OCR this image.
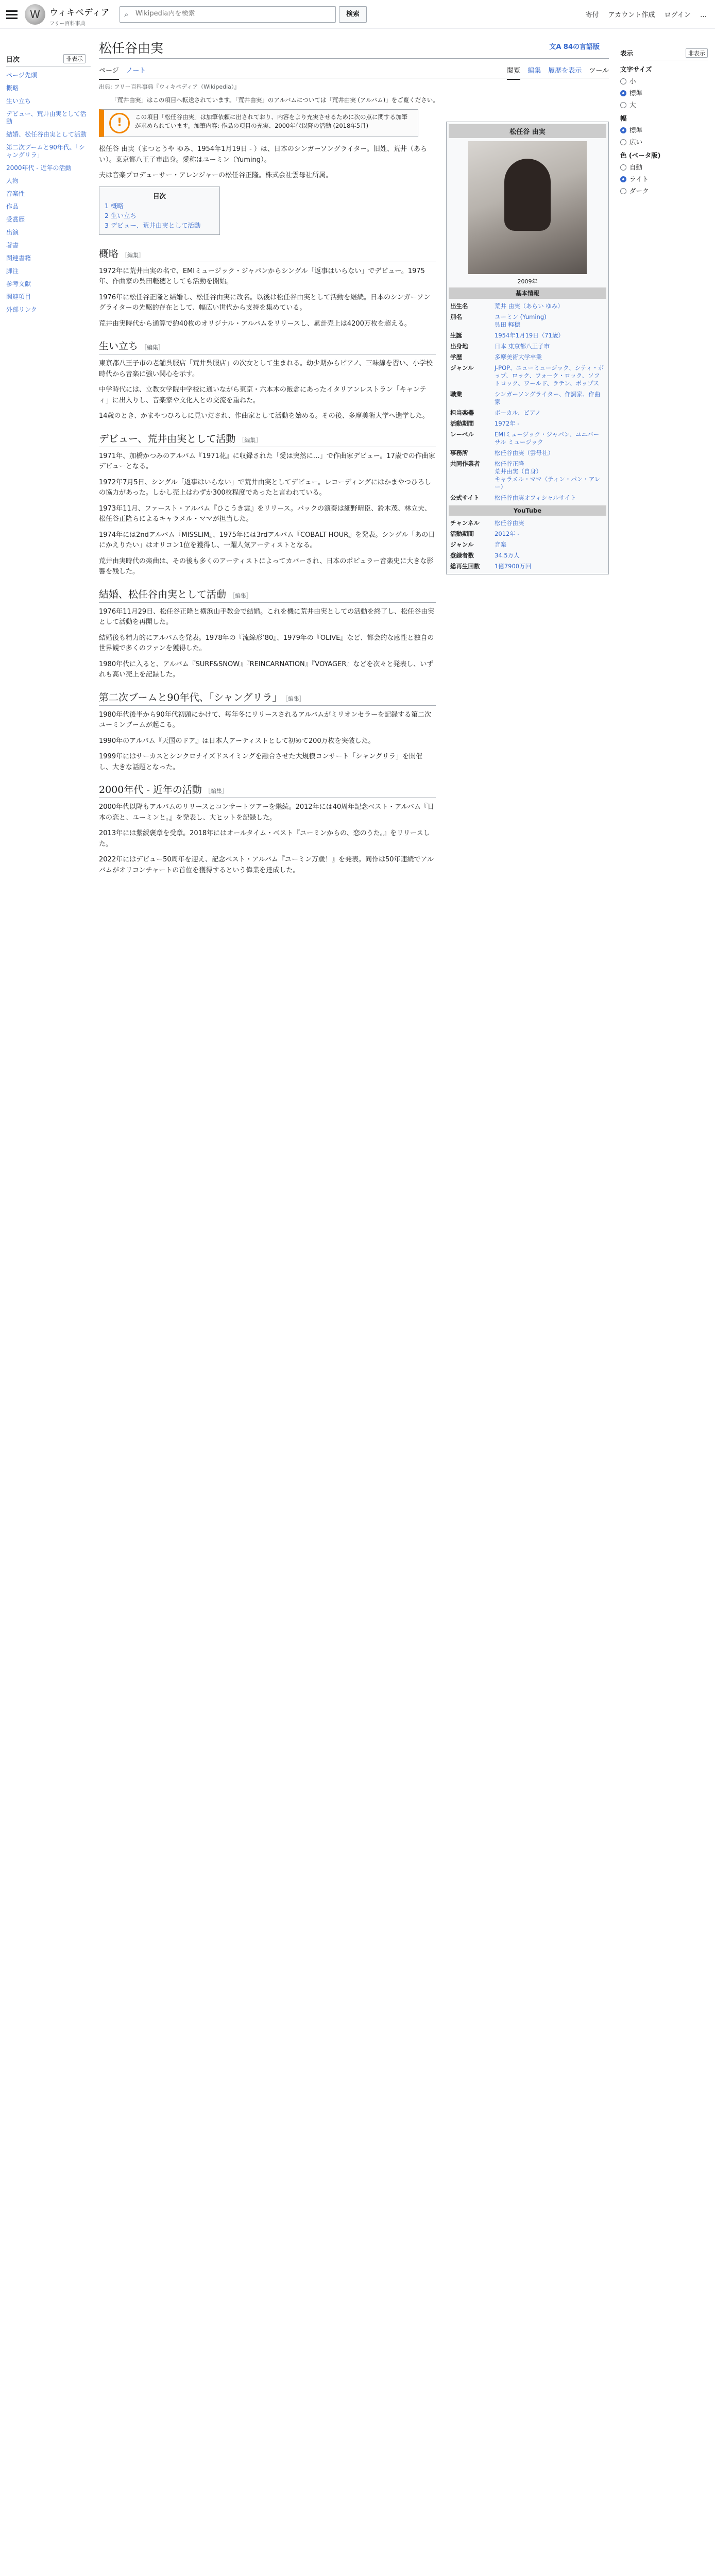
W	ウィキペディア
フリー百科事典
⌕
Wikipedia内を検索	検索	寄付 アカウント作成 ログイン …
目次	非表示
ページ先頭
概略
生い立ち
デビュー、荒井由実として活動
結婚、松任谷由実として活動
第二次ブームと90年代、「シャングリラ」
2000年代 - 近年の活動
人物
音楽性
作品
受賞歴
出演
著書
関連書籍
脚注
参考文献
関連項目
外部リンク
松任谷由実	文A 84の言語版
ページ ノート	閲覧 編集 履歴を表示 ツール
出典: フリー百科事典『ウィキペディア（Wikipedia）』
「荒井由実」はこの項目へ転送されています。「荒井由実」のアルバムについては「荒井由実 (アルバム)」をご覧ください。
!	この項目「松任谷由実」は加筆依頼に出されており、内容をより充実させるために次の点に関する加筆が求められています。加筆内容: 作品の項目の充実、2000年代以降の活動 (2018年5月)
松任谷 由実
2009年
基本情報
出生名	荒井 由実（あらい ゆみ）
別名	ユーミン (Yuming)
呉田 軽穂
生誕	1954年1月19日（71歳）
出身地	日本 東京都八王子市
学歴	多摩美術大学卒業
ジャンル	J-POP、ニューミュージック、シティ・ポップ、ロック、フォーク・ロック、ソフトロック、ワールド、ラテン、ポップス
職業	シンガーソングライター、作詞家、作曲家
担当楽器	ボーカル、ピアノ
活動期間	1972年 -
レーベル	EMIミュージック・ジャパン、ユニバーサル ミュージック
事務所	松任谷由実（雲母社）
共同作業者	松任谷正隆
荒井由実（自身）
キャラメル・ママ（ティン・パン・アレー）
公式サイト	松任谷由実オフィシャルサイト
YouTube
チャンネル	松任谷由実
活動期間	2012年 -
ジャンル	音楽
登録者数	34.5万人
総再生回数	1億7900万回
松任谷 由実（まつとうや ゆみ、1954年1月19日 - ）は、日本のシンガーソングライター。旧姓、荒井（あらい）。東京都八王子市出身。愛称はユーミン（Yuming）。
夫は音楽プロデューサー・アレンジャーの松任谷正隆。株式会社雲母社所属。
目次
1 概略
2 生い立ち
3 デビュー、荒井由実として活動
概略 ［編集］
1972年に荒井由実の名で、EMIミュージック・ジャパンからシングル「返事はいらない」でデビュー。1975年、作曲家の呉田軽穂としても活動を開始。
1976年に松任谷正隆と結婚し、松任谷由実に改名。以後は松任谷由実として活動を継続。日本のシンガーソングライターの先駆的存在として、幅広い世代から支持を集めている。
荒井由実時代から通算で約40枚のオリジナル・アルバムをリリースし、累計売上は4200万枚を超える。
生い立ち ［編集］
東京都八王子市の老舗呉服店「荒井呉服店」の次女として生まれる。幼少期からピアノ、三味線を習い、小学校時代から音楽に強い関心を示す。
中学時代には、立教女学院中学校に通いながら東京・六本木の飯倉にあったイタリアンレストラン「キャンティ」に出入りし、音楽家や文化人との交流を重ねた。
14歳のとき、かまやつひろしに見いだされ、作曲家として活動を始める。その後、多摩美術大学へ進学した。
デビュー、荒井由実として活動 ［編集］
1971年、加橋かつみのアルバム『1971花』に収録された「愛は突然に…」で作曲家デビュー。17歳での作曲家デビューとなる。
1972年7月5日、シングル「返事はいらない」で荒井由実としてデビュー。レコーディングにはかまやつひろしの協力があった。しかし売上はわずか300枚程度であったと言われている。
1973年11月、ファースト・アルバム『ひこうき雲』をリリース。バックの演奏は細野晴臣、鈴木茂、林立夫、松任谷正隆らによるキャラメル・ママが担当した。
1974年には2ndアルバム『MISSLIM』、1975年には3rdアルバム『COBALT HOUR』を発表。シングル「あの日にかえりたい」はオリコン1位を獲得し、一躍人気アーティストとなる。
荒井由実時代の楽曲は、その後も多くのアーティストによってカバーされ、日本のポピュラー音楽史に大きな影響を残した。
結婚、松任谷由実として活動 ［編集］
1976年11月29日、松任谷正隆と横浜山手教会で結婚。これを機に荒井由実としての活動を終了し、松任谷由実として活動を再開した。
結婚後も精力的にアルバムを発表。1978年の『流線形’80』、1979年の『OLIVE』など、都会的な感性と独自の世界観で多くのファンを獲得した。
1980年代に入ると、アルバム『SURF&SNOW』『REINCARNATION』『VOYAGER』などを次々と発表し、いずれも高い売上を記録した。
第二次ブームと90年代、「シャングリラ」 ［編集］
1980年代後半から90年代初頭にかけて、毎年冬にリリースされるアルバムがミリオンセラーを記録する第二次ユーミンブームが起こる。
1990年のアルバム『天国のドア』は日本人アーティストとして初めて200万枚を突破した。
1999年にはサーカスとシンクロナイズドスイミングを融合させた大規模コンサート「シャングリラ」を開催し、大きな話題となった。
2000年代 - 近年の活動 ［編集］
2000年代以降もアルバムのリリースとコンサートツアーを継続。2012年には40周年記念ベスト・アルバム『日本の恋と、ユーミンと。』を発表し、大ヒットを記録した。
2013年には紫綬褒章を受章。2018年にはオールタイム・ベスト『ユーミンからの、恋のうた。』をリリースした。
2022年にはデビュー50周年を迎え、記念ベスト・アルバム『ユーミン万歳！』を発表。同作は50年連続でアルバムがオリコンチャートの首位を獲得するという偉業を達成した。
表示	非表示
文字サイズ
小
標準
大
幅
標準
広い
色 (ベータ版)
自動
ライト
ダーク
